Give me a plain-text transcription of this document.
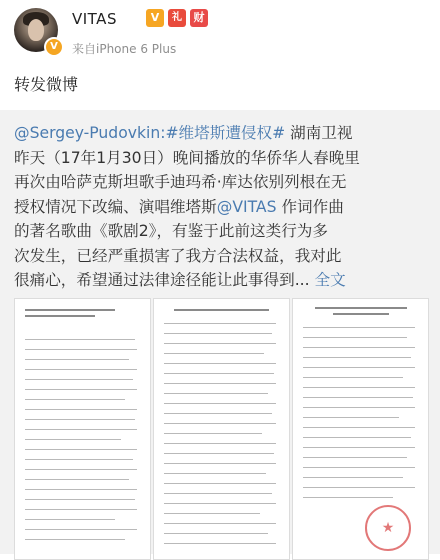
V
VITAS	V	礼	财
来自iPhone 6 Plus
转发微博
@Sergey-Pudovkin:#维塔斯遭侵权# 湖南卫视
昨天（17年1月30日）晚间播放的华侨华人春晚里
再次由哈萨克斯坦歌手迪玛希·库达依别列根在无
授权情况下改编、演唱维塔斯@VITAS 作词作曲
的著名歌曲《歌剧2》，有鉴于此前这类行为多
次发生，已经严重损害了我方合法权益，我对此
很痛心，希望通过法律途径能让此事得到... 全文
★
